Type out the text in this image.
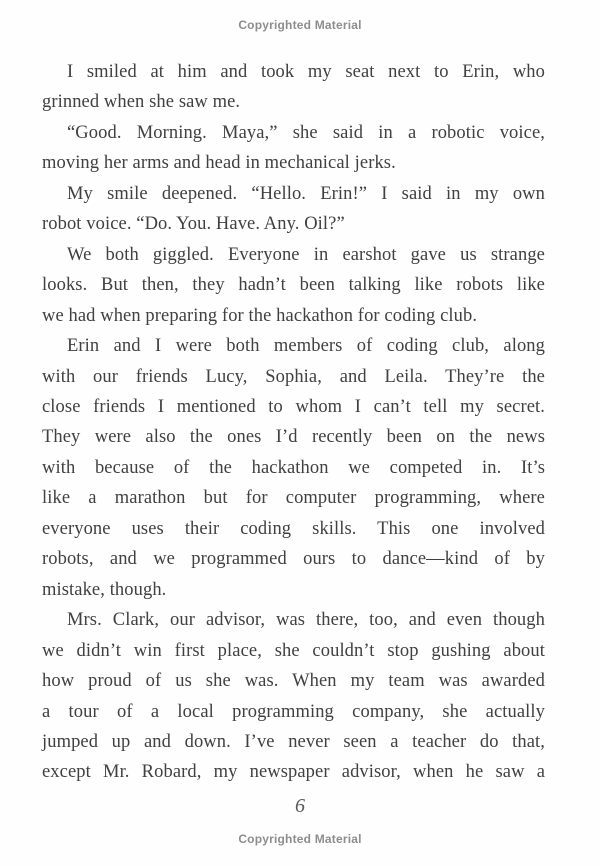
Copyrighted Material
I smiled at him and took my seat next to Erin, who
grinned when she saw me.
“Good. Morning. Maya,” she said in a robotic voice,
moving her arms and head in mechanical jerks.
My smile deepened. “Hello. Erin!” I said in my own
robot voice. “Do. You. Have. Any. Oil?”
We both giggled. Everyone in earshot gave us strange
looks. But then, they hadn’t been talking like robots like
we had when preparing for the hackathon for coding club.
Erin and I were both members of coding club, along
with our friends Lucy, Sophia, and Leila. They’re the
close friends I mentioned to whom I can’t tell my secret.
They were also the ones I’d recently been on the news
with because of the hackathon we competed in. It’s
like a marathon but for computer programming, where
everyone uses their coding skills. This one involved
robots, and we programmed ours to dance—kind of by
mistake, though.
Mrs. Clark, our advisor, was there, too, and even though
we didn’t win first place, she couldn’t stop gushing about
how proud of us she was. When my team was awarded
a tour of a local programming company, she actually
jumped up and down. I’ve never seen a teacher do that,
except Mr. Robard, my newspaper advisor, when he saw a
6
Copyrighted Material
